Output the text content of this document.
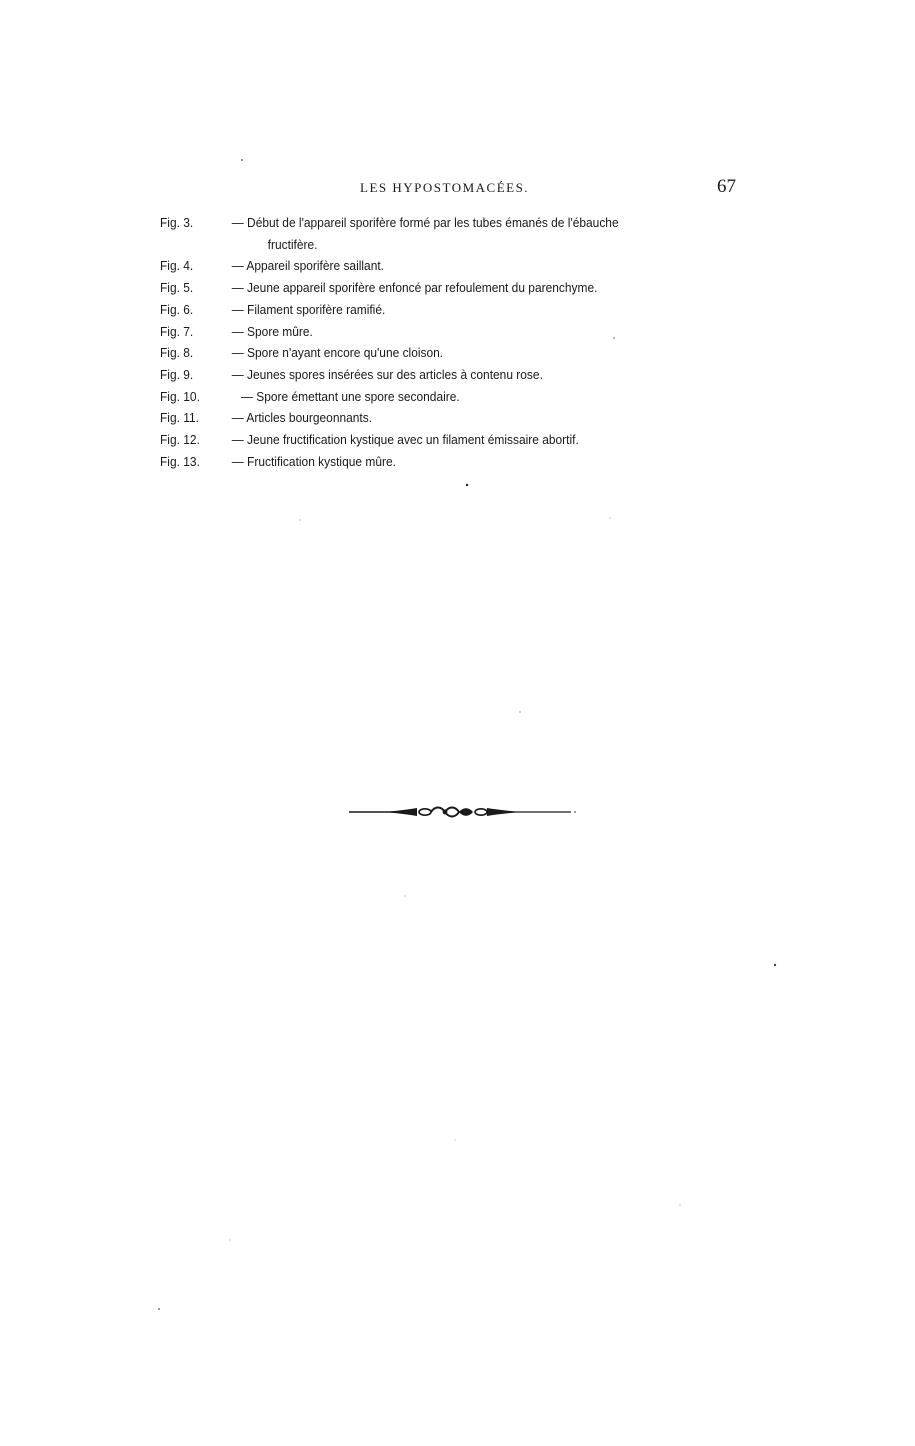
LES HYPOSTOMACÉES.	67
Fig. 3.	— Début de l'appareil sporifère formé par les tubes émanés de l'ébauche
fructifère.
Fig. 4.	— Appareil sporifère saillant.
Fig. 5.	— Jeune appareil sporifère enfoncé par refoulement du parenchyme.
Fig. 6.	— Filament sporifère ramifié.
Fig. 7.	— Spore mûre.
Fig. 8.	— Spore n'ayant encore qu'une cloison.
Fig. 9.	— Jeunes spores insérées sur des articles à contenu rose.
Fig. 10.	— Spore émettant une spore secondaire.
Fig. 11.	— Articles bourgeonnants.
Fig. 12.	— Jeune fructification kystique avec un filament émissaire abortif.
Fig. 13.	— Fructification kystique mûre.
